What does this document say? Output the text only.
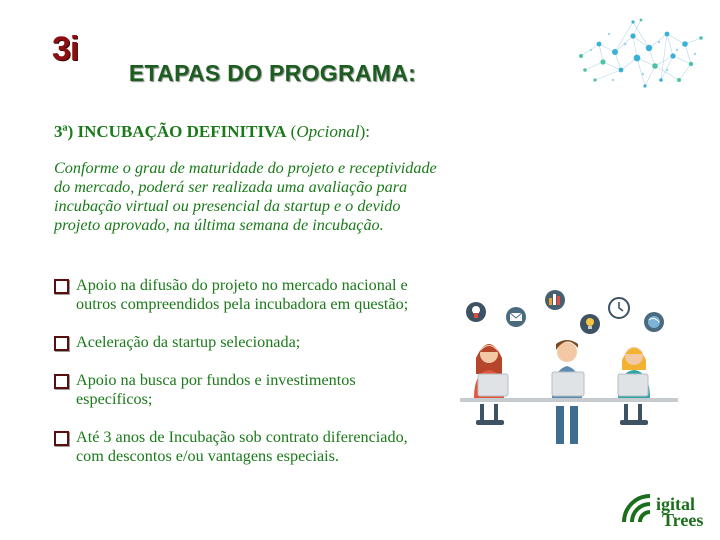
3i
ETAPAS DO PROGRAMA:
3ª) INCUBAÇÃO DEFINITIVA (Opcional):
Conforme o grau de maturidade do projeto e receptividade do mercado, poderá ser realizada uma avaliação para incubação virtual ou presencial da startup e o devido projeto aprovado, na última semana de incubação.
Apoio na difusão do projeto no mercado nacional e outros compreendidos pela incubadora em questão;
Aceleração da startup selecionada;
Apoio na busca por fundos e investimentos específicos;
Até 3 anos de Incubação sob contrato diferenciado, com descontos e/ou vantagens especiais.
igital
Trees
